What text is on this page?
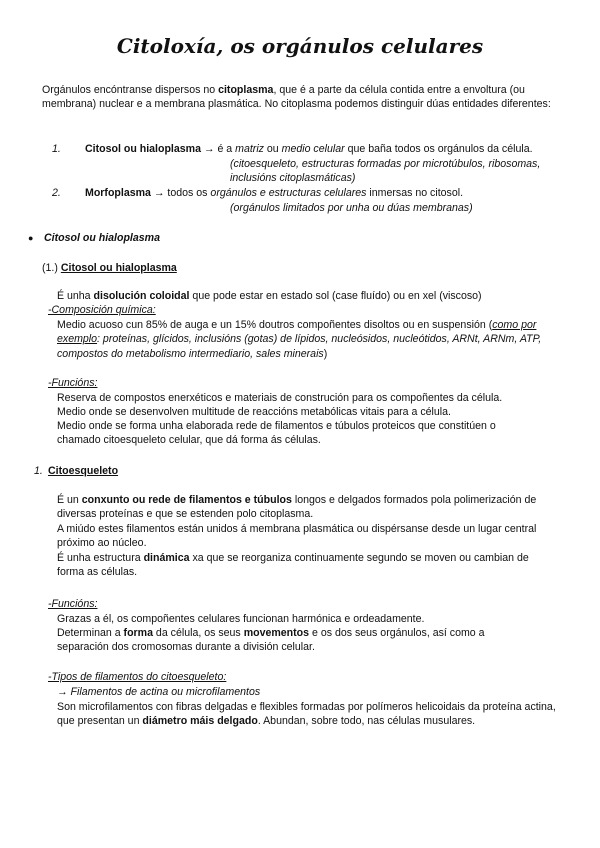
Citoloxía, os orgánulos celulares
Orgánulos encóntranse dispersos no citoplasma, que é a parte da célula contida entre a envoltura (ou membrana) nuclear e a membrana plasmática. No citoplasma podemos distinguir dúas entidades diferentes:
1. Citosol ou hialoplasma → é a matriz ou medio celular que baña todos os orgánulos da célula.
(citoesqueleto, estructuras formadas por microtúbulos, ribosomas,
inclusións citoplasmáticas)
2. Morfoplasma → todos os orgánulos e estructuras celulares inmersas no citosol.
(orgánulos limitados por unha ou dúas membranas)
● Citosol ou hialoplasma
(1.) Citosol ou hialoplasma
É unha disolución coloidal que pode estar en estado sol (case fluído) ou en xel (viscoso)
-Composición química:
Medio acuoso cun 85% de auga e un 15% doutros compoñentes disoltos ou en suspensión (como por exemplo: proteínas, glícidos, inclusións (gotas) de lípidos, nucleósidos, nucleótidos, ARNt, ARNm, ATP, compostos do metabolismo intermediario, sales minerais)
-Funcións:
Reserva de compostos enerxéticos e materiais de construción para os compoñentes da célula.
Medio onde se desenvolven multitude de reaccións metabólicas vitais para a célula.
Medio onde se forma unha elaborada rede de filamentos e túbulos proteicos que constitúen o chamado citoesqueleto celular, que dá forma ás células.
1. Citoesqueleto
É un conxunto ou rede de filamentos e túbulos longos e delgados formados pola polimerización de diversas proteínas e que se estenden polo citoplasma.
A miúdo estes filamentos están unidos á membrana plasmática ou dispérsanse desde un lugar central próximo ao núcleo.
É unha estructura dinámica xa que se reorganiza continuamente segundo se moven ou cambian de forma as células.
-Funcións:
Grazas a él, os compoñentes celulares funcionan harmónica e ordeadamente.
Determinan a forma da célula, os seus movementos e os dos seus orgánulos, así como a separación dos cromosomas durante a división celular.
-Tipos de filamentos do citoesqueleto:
→ Filamentos de actina ou microfilamentos
Son microfilamentos con fibras delgadas e flexibles formadas por polímeros helicoidais da proteína actina, que presentan un diámetro máis delgado. Abundan, sobre todo, nas células musulares.
